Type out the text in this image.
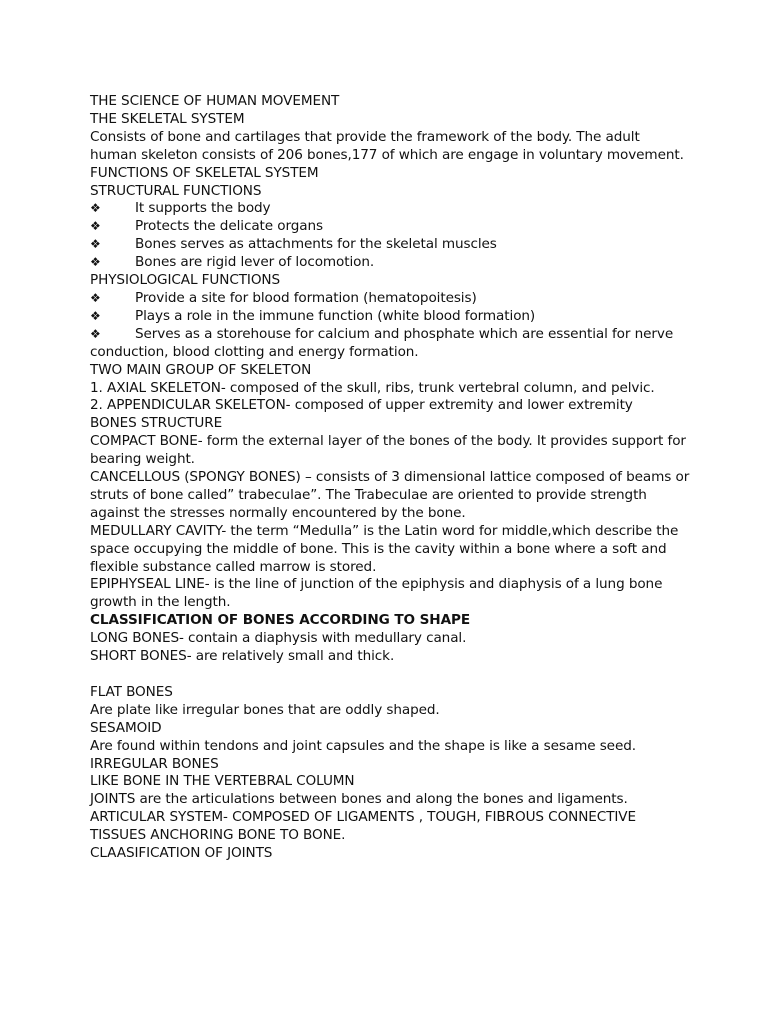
THE SCIENCE OF HUMAN MOVEMENT
THE SKELETAL SYSTEM
Consists of bone and cartilages that provide the framework of the body. The adult human skeleton consists of 206 bones,177 of which are engage in voluntary movement.
FUNCTIONS OF SKELETAL SYSTEM
STRUCTURAL FUNCTIONS
❖	It supports the body
❖	Protects the delicate organs
❖	Bones serves as attachments for the skeletal muscles
❖	Bones are rigid lever of locomotion.
PHYSIOLOGICAL FUNCTIONS
❖	Provide a site for blood formation (hematopoitesis)
❖	Plays a role in the immune function (white blood formation)
❖	Serves as a storehouse for calcium and phosphate which are essential for nerve conduction, blood clotting and energy formation.
TWO MAIN GROUP OF SKELETON
1. AXIAL SKELETON- composed of the skull, ribs, trunk vertebral column, and pelvic.
2. APPENDICULAR SKELETON- composed of upper extremity and lower extremity
BONES STRUCTURE
COMPACT BONE- form the external layer of the bones of the body. It provides support for bearing weight.
CANCELLOUS (SPONGY BONES) – consists of 3 dimensional lattice composed of beams or struts of bone called” trabeculae”. The Trabeculae are oriented to provide strength against the stresses normally encountered by the bone.
MEDULLARY CAVITY- the term “Medulla” is the Latin word for middle,which describe the space occupying the middle of bone. This is the cavity within a bone where a soft and flexible substance called marrow is stored.
EPIPHYSEAL LINE- is the line of junction of the epiphysis and diaphysis of a lung bone growth in the length.
CLASSIFICATION OF BONES ACCORDING TO SHAPE
LONG BONES- contain a diaphysis with medullary canal.
SHORT BONES- are relatively small and thick.
FLAT BONES
Are plate like irregular bones that are oddly shaped.
SESAMOID
Are found within tendons and joint capsules and the shape is like a sesame seed.
IRREGULAR BONES
LIKE BONE IN THE VERTEBRAL COLUMN
JOINTS are the articulations between bones and along the bones and ligaments.
ARTICULAR SYSTEM- COMPOSED OF LIGAMENTS , TOUGH, FIBROUS CONNECTIVE TISSUES ANCHORING BONE TO BONE.
CLAASIFICATION OF JOINTS
